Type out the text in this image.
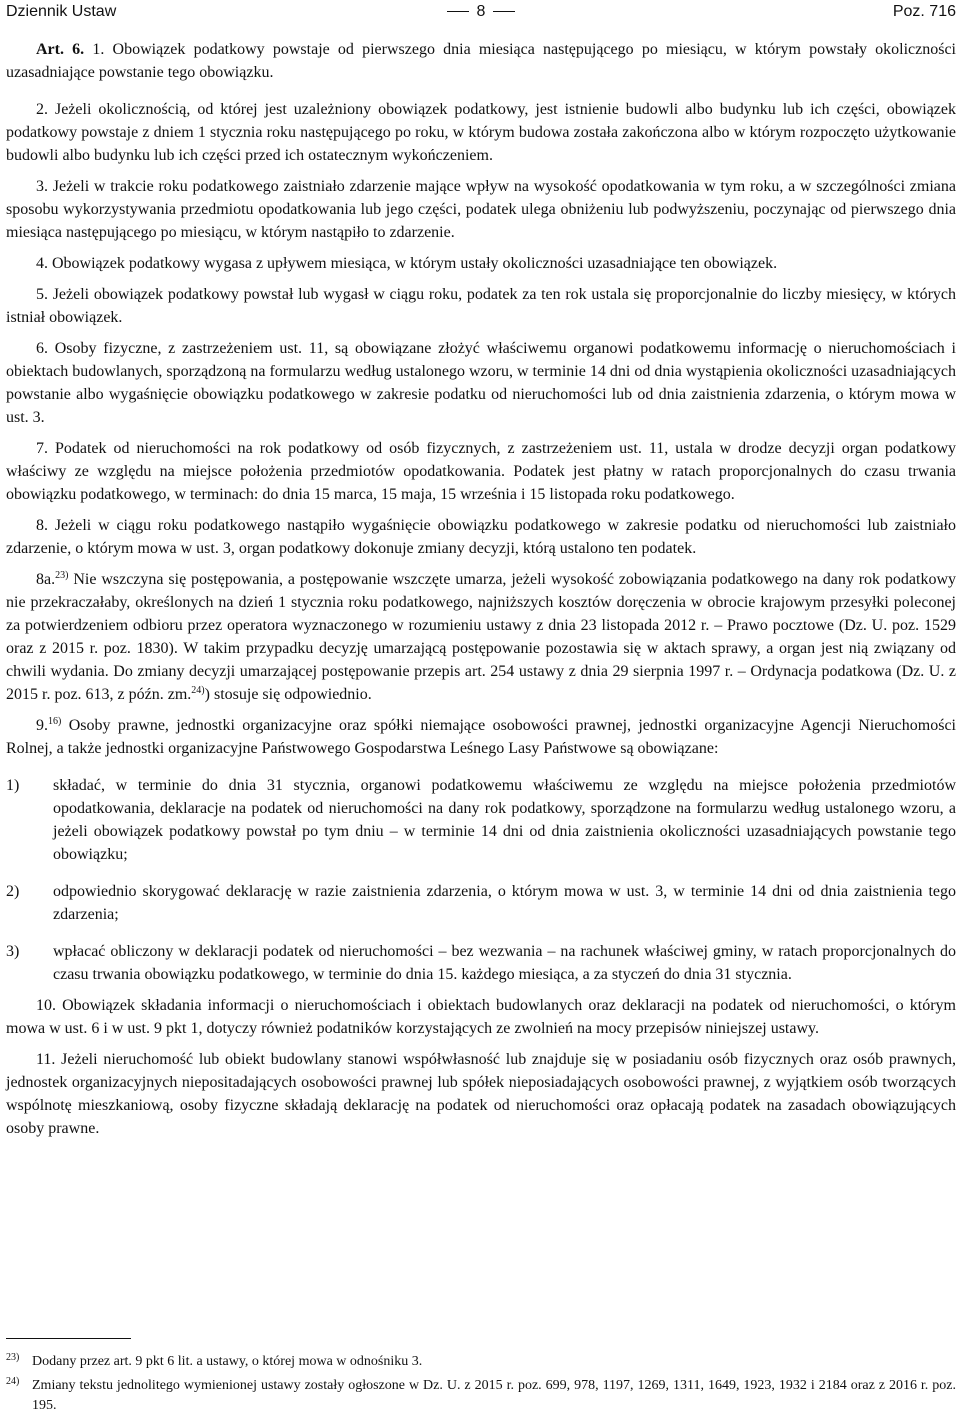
Dziennik Ustaw	8	Poz. 716

Art. 6. 1. Obowiązek podatkowy powstaje od pierwszego dnia miesiąca następującego po miesiącu, w którym powstały okoliczności uzasadniające powstanie tego obowiązku.

2. Jeżeli okolicznością, od której jest uzależniony obowiązek podatkowy, jest istnienie budowli albo budynku lub ich części, obowiązek podatkowy powstaje z dniem 1 stycznia roku następującego po roku, w którym budowa została zakończona albo w którym rozpoczęto użytkowanie budowli albo budynku lub ich części przed ich ostatecznym wykończeniem.

3. Jeżeli w trakcie roku podatkowego zaistniało zdarzenie mające wpływ na wysokość opodatkowania w tym roku, a w szczególności zmiana sposobu wykorzystywania przedmiotu opodatkowania lub jego części, podatek ulega obniżeniu lub podwyższeniu, poczynając od pierwszego dnia miesiąca następującego po miesiącu, w którym nastąpiło to zdarzenie.

4. Obowiązek podatkowy wygasa z upływem miesiąca, w którym ustały okoliczności uzasadniające ten obowiązek.

5. Jeżeli obowiązek podatkowy powstał lub wygasł w ciągu roku, podatek za ten rok ustala się proporcjonalnie do liczby miesięcy, w których istniał obowiązek.

6. Osoby fizyczne, z zastrzeżeniem ust. 11, są obowiązane złożyć właściwemu organowi podatkowemu informację o nieruchomościach i obiektach budowlanych, sporządzoną na formularzu według ustalonego wzoru, w terminie 14 dni od dnia wystąpienia okoliczności uzasadniających powstanie albo wygaśnięcie obowiązku podatkowego w zakresie podatku od nieruchomości lub od dnia zaistnienia zdarzenia, o którym mowa w ust. 3.

7. Podatek od nieruchomości na rok podatkowy od osób fizycznych, z zastrzeżeniem ust. 11, ustala w drodze decyzji organ podatkowy właściwy ze względu na miejsce położenia przedmiotów opodatkowania. Podatek jest płatny w ratach proporcjonalnych do czasu trwania obowiązku podatkowego, w terminach: do dnia 15 marca, 15 maja, 15 września i 15 listopada roku podatkowego.

8. Jeżeli w ciągu roku podatkowego nastąpiło wygaśnięcie obowiązku podatkowego w zakresie podatku od nieruchomości lub zaistniało zdarzenie, o którym mowa w ust. 3, organ podatkowy dokonuje zmiany decyzji, którą ustalono ten podatek.

8a.$^{23)}$ Nie wszczyna się postępowania, a postępowanie wszczęte umarza, jeżeli wysokość zobowiązania podatkowego na dany rok podatkowy nie przekraczałaby, określonych na dzień 1 stycznia roku podatkowego, najniższych kosztów doręczenia w obrocie krajowym przesyłki poleconej za potwierdzeniem odbioru przez operatora wyznaczonego w rozumieniu ustawy z dnia 23 listopada 2012 r. – Prawo pocztowe (Dz. U. poz. 1529 oraz z 2015 r. poz. 1830). W takim przypadku decyzję umarzającą postępowanie pozostawia się w aktach sprawy, a organ jest nią związany od chwili wydania. Do zmiany decyzji umarzającej postępowanie przepis art. 254 ustawy z dnia 29 sierpnia 1997 r. – Ordynacja podatkowa (Dz. U. z 2015 r. poz. 613, z późn. zm.$^{24)}$) stosuje się odpowiednio.

9.$^{16)}$ Osoby prawne, jednostki organizacyjne oraz spółki niemające osobowości prawnej, jednostki organizacyjne Agencji Nieruchomości Rolnej, a także jednostki organizacyjne Państwowego Gospodarstwa Leśnego Lasy Państwowe są obowiązane:

1)	składać, w terminie do dnia 31 stycznia, organowi podatkowemu właściwemu ze względu na miejsce położenia przedmiotów opodatkowania, deklaracje na podatek od nieruchomości na dany rok podatkowy, sporządzone na formularzu według ustalonego wzoru, a jeżeli obowiązek podatkowy powstał po tym dniu – w terminie 14 dni od dnia zaistnienia okoliczności uzasadniających powstanie tego obowiązku;
2)	odpowiednio skorygować deklarację w razie zaistnienia zdarzenia, o którym mowa w ust. 3, w terminie 14 dni od dnia zaistnienia tego zdarzenia;
3)	wpłacać obliczony w deklaracji podatek od nieruchomości – bez wezwania – na rachunek właściwej gminy, w ratach proporcjonalnych do czasu trwania obowiązku podatkowego, w terminie do dnia 15. każdego miesiąca, a za styczeń do dnia 31 stycznia.

10. Obowiązek składania informacji o nieruchomościach i obiektach budowlanych oraz deklaracji na podatek od nieruchomości, o którym mowa w ust. 6 i w ust. 9 pkt 1, dotyczy również podatników korzystających ze zwolnień na mocy przepisów niniejszej ustawy.

11. Jeżeli nieruchomość lub obiekt budowlany stanowi współwłasność lub znajduje się w posiadaniu osób fizycznych oraz osób prawnych, jednostek organizacyjnych niepositadających osobowości prawnej lub spółek nieposiadających osobowości prawnej, z wyjątkiem osób tworzących wspólnotę mieszkaniową, osoby fizyczne składają deklarację na podatek od nieruchomości oraz opłacają podatek na zasadach obowiązujących osoby prawne.

23) Dodany przez art. 9 pkt 6 lit. a ustawy, o której mowa w odnośniku 3.
24) Zmiany tekstu jednolitego wymienionej ustawy zostały ogłoszone w Dz. U. z 2015 r. poz. 699, 978, 1197, 1269, 1311, 1649, 1923, 1932 i 2184 oraz z 2016 r. poz. 195.
